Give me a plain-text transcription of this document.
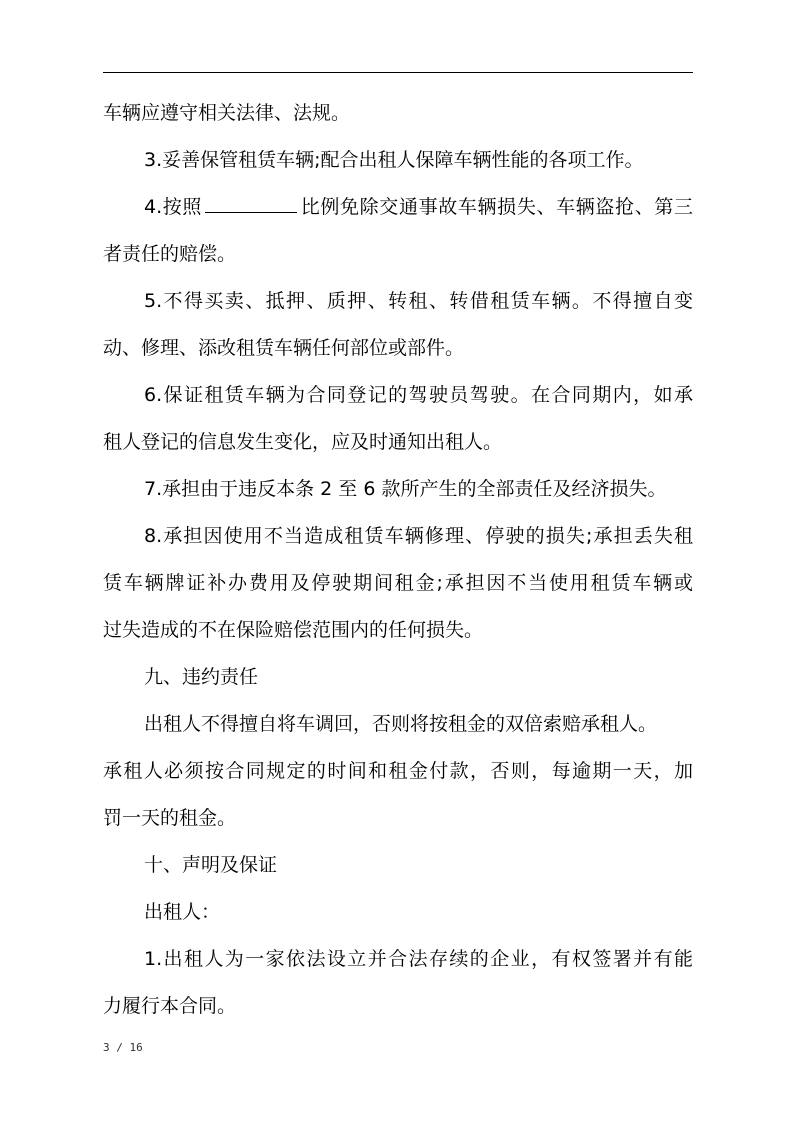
车辆应遵守相关法律、法规。
3.妥善保管租赁车辆;配合出租人保障车辆性能的各项工作。
4.按照	比例免除交通事故车辆损失、车辆盗抢、第三
者责任的赔偿。
5.不得买卖、抵押、质押、转租、转借租赁车辆。不得擅自变
动、修理、添改租赁车辆任何部位或部件。
6.保证租赁车辆为合同登记的驾驶员驾驶。在合同期内，如承
租人登记的信息发生变化，应及时通知出租人。
7.承担由于违反本条 2 至 6 款所产生的全部责任及经济损失。
8.承担因使用不当造成租赁车辆修理、停驶的损失;承担丢失租
赁车辆牌证补办费用及停驶期间租金;承担因不当使用租赁车辆或
过失造成的不在保险赔偿范围内的任何损失。
九、违约责任
出租人不得擅自将车调回，否则将按租金的双倍索赔承租人。
承租人必须按合同规定的时间和租金付款，否则，每逾期一天，加
罚一天的租金。
十、声明及保证
出租人：
1.出租人为一家依法设立并合法存续的企业，有权签署并有能
力履行本合同。
3 / 16
